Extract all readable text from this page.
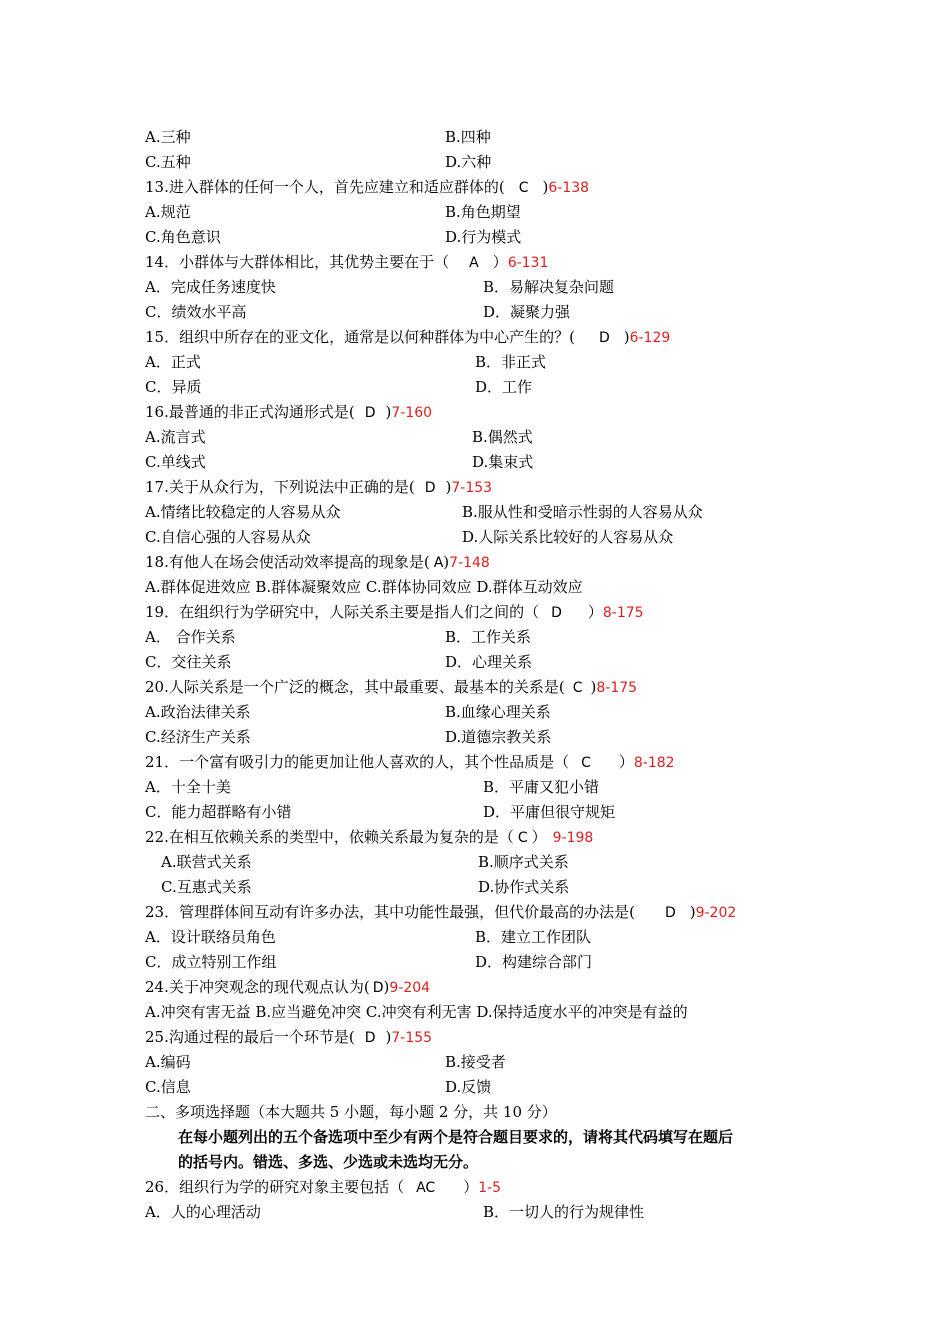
A.三种	B.四种
C.五种	D.六种
13.进入群体的任何一个人，首先应建立和适应群体的( C )6-138
A.规范	B.角色期望
C.角色意识	D.行为模式
14．小群体与大群体相比，其优势主要在于（ A ）6-131
A．完成任务速度快	B．易解决复杂问题
C．绩效水平高	D．凝聚力强
15．组织中所存在的亚文化，通常是以何种群体为中心产生的？( D )6-129
A．正式	B．非正式
C．异质	D．工作
16.最普通的非正式沟通形式是( D )7-160
A.流言式	B.偶然式
C.单线式	D.集束式
17.关于从众行为，下列说法中正确的是( D )7-153
A.情绪比较稳定的人容易从众	B.服从性和受暗示性弱的人容易从众
C.自信心强的人容易从众	D.人际关系比较好的人容易从众
18.有他人在场会使活动效率提高的现象是( A)7-148
A.群体促进效应 B.群体凝聚效应 C.群体协同效应 D.群体互动效应
19．在组织行为学研究中，人际关系主要是指人们之间的（ D ）8-175
A． 合作关系	B．工作关系
C．交往关系	D．心理关系
20.人际关系是一个广泛的概念，其中最重要、最基本的关系是( C )8-175
A.政治法律关系	B.血缘心理关系
C.经济生产关系	D.道德宗教关系
21．一个富有吸引力的能更加让他人喜欢的人，其个性品质是（ C ）8-182
A．十全十美	B．平庸又犯小错
C．能力超群略有小错	D．平庸但很守规矩
22.在相互依赖关系的类型中，依赖关系最为复杂的是（ C ） 9-198
A.联营式关系	B.顺序式关系
C.互惠式关系	D.协作式关系
23．管理群体间互动有许多办法，其中功能性最强，但代价最高的办法是( D )9-202
A．设计联络员角色	B．建立工作团队
C．成立特别工作组	D．构建综合部门
24.关于冲突观念的现代观点认为( D)9-204
A.冲突有害无益 B.应当避免冲突 C.冲突有利无害 D.保持适度水平的冲突是有益的
25.沟通过程的最后一个环节是( D )7-155
A.编码	B.接受者
C.信息	D.反馈
二、多项选择题（本大题共 5 小题，每小题 2 分，共 10 分）
在每小题列出的五个备选项中至少有两个是符合题目要求的，请将其代码填写在题后
的括号内。错选、多选、少选或未选均无分。
26．组织行为学的研究对象主要包括（ AC ）1-5
A．人的心理活动	B．一切人的行为规律性
